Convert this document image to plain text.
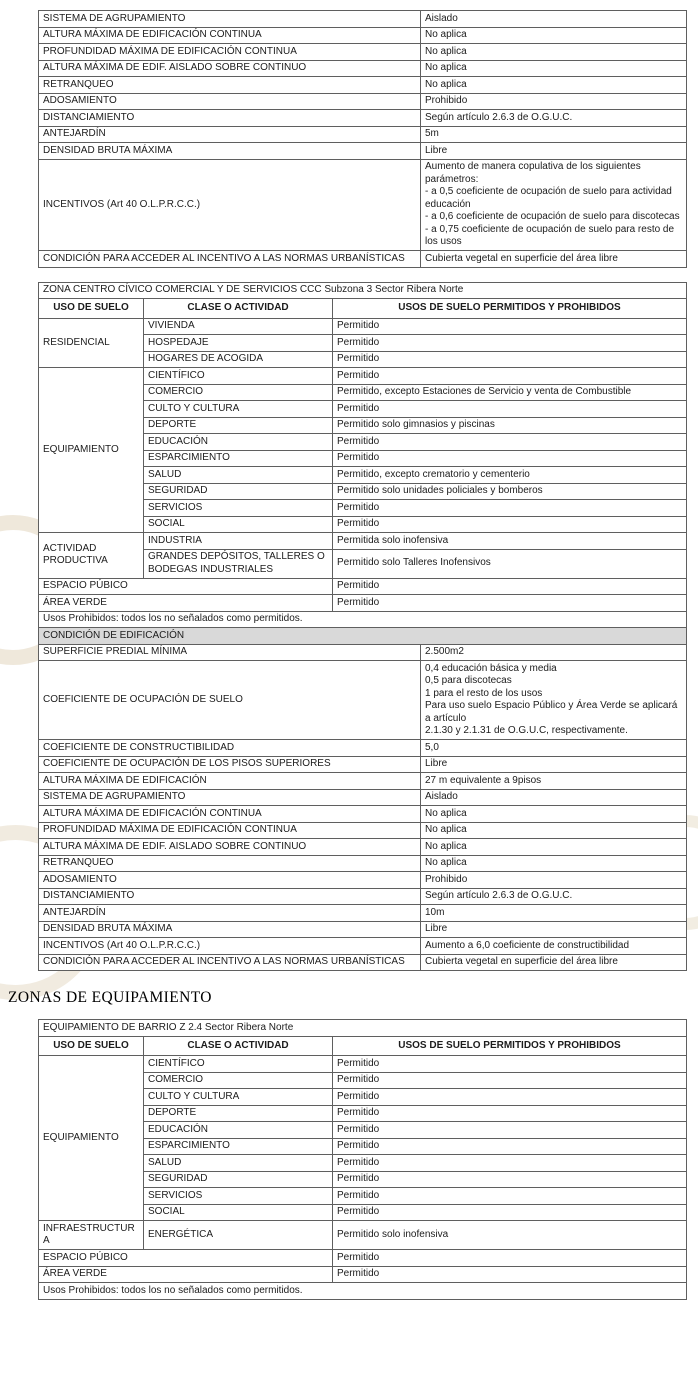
SISTEMA DE AGRUPAMIENTO	Aislado

ALTURA MÁXIMA DE EDIFICACIÓN CONTINUA	No aplica

PROFUNDIDAD MÁXIMA DE EDIFICACIÓN CONTINUA	No aplica

ALTURA MÁXIMA DE EDIF. AISLADO SOBRE CONTINUO	No aplica

RETRANQUEO	No aplica

ADOSAMIENTO	Prohibido

DISTANCIAMIENTO	Según artículo 2.6.3 de O.G.U.C.

ANTEJARDÍN	5m

DENSIDAD BRUTA MÁXIMA	Libre

INCENTIVOS (Art 40 O.L.P.R.C.C.)	Aumento de manera copulativa de los siguientes parámetros:
- a 0,5 coeficiente de ocupación de suelo para actividad educación
- a 0,6 coeficiente de ocupación de suelo para discotecas
- a 0,75 coeficiente de ocupación de suelo para resto de los usos

CONDICIÓN PARA ACCEDER AL INCENTIVO A LAS NORMAS URBANÍSTICAS	Cubierta vegetal en superficie del área libre
ZONA CENTRO CÍVICO COMERCIAL Y DE SERVICIOS CCC Subzona 3 Sector Ribera Norte			
USO DE SUELO	CLASE O ACTIVIDAD	USOS DE SUELO PERMITIDOS Y PROHIBIDOS	
RESIDENCIAL	VIVIENDA	Permitido	
	HOSPEDAJE	Permitido	
	HOGARES DE ACOGIDA	Permitido	
EQUIPAMIENTO	CIENTÍFICO	Permitido	
	COMERCIO	Permitido, excepto Estaciones de Servicio y venta de Combustible	
	CULTO Y CULTURA	Permitido	
	DEPORTE	Permitido solo gimnasios y piscinas	
	EDUCACIÓN	Permitido	
	ESPARCIMIENTO	Permitido	
	SALUD	Permitido, excepto crematorio y cementerio	
	SEGURIDAD	Permitido solo unidades policiales y bomberos	
	SERVICIOS	Permitido	
	SOCIAL	Permitido	
ACTIVIDAD PRODUCTIVA	INDUSTRIA	Permitida solo inofensiva	
	GRANDES DEPÓSITOS, TALLERES O BODEGAS INDUSTRIALES	Permitido solo Talleres Inofensivos	
ESPACIO PÚBICO		Permitido	
ÁREA VERDE		Permitido	
Usos Prohibidos: todos los no señalados como permitidos.			
CONDICIÓN DE EDIFICACIÓN			
SUPERFICIE PREDIAL MÍNIMA			2.500m2

COEFICIENTE DE OCUPACIÓN DE SUELO			0,4 educación básica y media
0,5 para discotecas
1 para el resto de los usos
Para uso suelo Espacio Público y Área Verde se aplicará a artículo
2.1.30 y 2.1.31 de O.G.U.C, respectivamente.

COEFICIENTE DE CONSTRUCTIBILIDAD			5,0

COEFICIENTE DE OCUPACIÓN DE LOS PISOS SUPERIORES			Libre

ALTURA MÁXIMA DE EDIFICACIÓN			27 m equivalente a 9pisos

SISTEMA DE AGRUPAMIENTO			Aislado

ALTURA MÁXIMA DE EDIFICACIÓN CONTINUA			No aplica

PROFUNDIDAD MÁXIMA DE EDIFICACIÓN CONTINUA			No aplica

ALTURA MÁXIMA DE EDIF. AISLADO SOBRE CONTINUO			No aplica

RETRANQUEO			No aplica

ADOSAMIENTO			Prohibido

DISTANCIAMIENTO			Según artículo 2.6.3 de O.G.U.C.

ANTEJARDÍN			10m

DENSIDAD BRUTA MÁXIMA			Libre

INCENTIVOS (Art 40 O.L.P.R.C.C.)			Aumento a 6,0 coeficiente de constructibilidad

CONDICIÓN PARA ACCEDER AL INCENTIVO A LAS NORMAS URBANÍSTICAS			Cubierta vegetal en superficie del área libre
ZONAS DE EQUIPAMIENTO
EQUIPAMIENTO DE BARRIO Z 2.4 Sector Ribera Norte		
USO DE SUELO	CLASE O ACTIVIDAD	USOS DE SUELO PERMITIDOS Y PROHIBIDOS
EQUIPAMIENTO	CIENTÍFICO	Permitido
	COMERCIO	Permitido
	CULTO Y CULTURA	Permitido
	DEPORTE	Permitido
	EDUCACIÓN	Permitido
	ESPARCIMIENTO	Permitido
	SALUD	Permitido
	SEGURIDAD	Permitido
	SERVICIOS	Permitido
	SOCIAL	Permitido
INFRAESTRUCTURA	ENERGÉTICA	Permitido solo inofensiva
ESPACIO PÚBICO		Permitido
ÁREA VERDE		Permitido
Usos Prohibidos: todos los no señalados como permitidos.		
